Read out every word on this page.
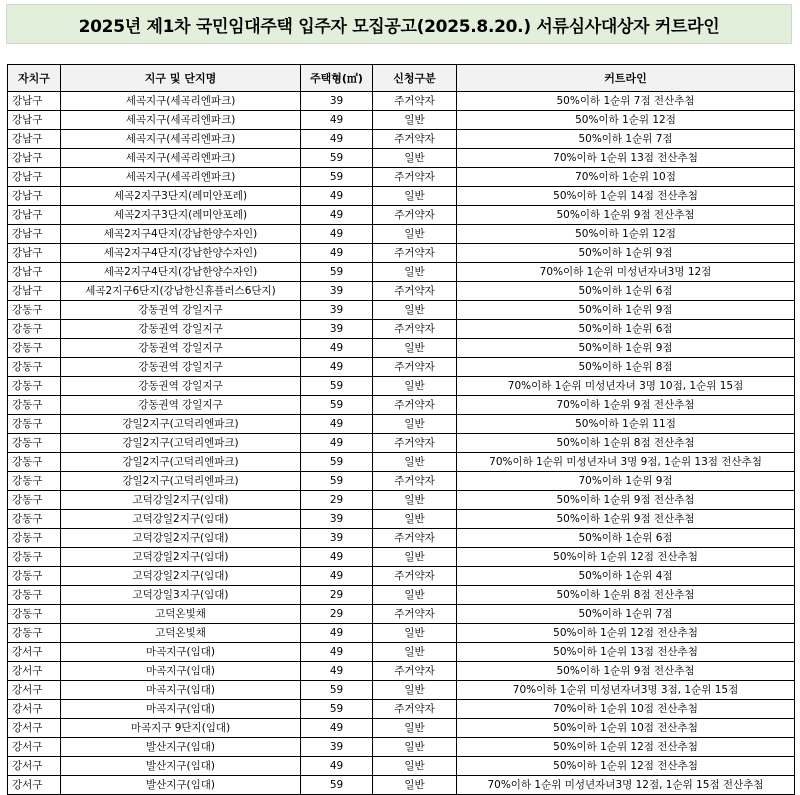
2025년 제1차 국민임대주택 입주자 모집공고(2025.8.20.) 서류심사대상자 커트라인
자치구	지구 및 단지명	주택형(㎡)	신청구분	커트라인
강남구	세곡지구(세곡리엔파크)	39	주거약자	50%이하 1순위 7점 전산추첨
강남구	세곡지구(세곡리엔파크)	49	일반	50%이하 1순위 12점
강남구	세곡지구(세곡리엔파크)	49	주거약자	50%이하 1순위 7점
강남구	세곡지구(세곡리엔파크)	59	일반	70%이하 1순위 13점 전산추첨
강남구	세곡지구(세곡리엔파크)	59	주거약자	70%이하 1순위 10점
강남구	세곡2지구3단지(레미안포레)	49	일반	50%이하 1순위 14점 전산추첨
강남구	세곡2지구3단지(레미안포레)	49	주거약자	50%이하 1순위 9점 전산추첨
강남구	세곡2지구4단지(강남한양수자인)	49	일반	50%이하 1순위 12점
강남구	세곡2지구4단지(강남한양수자인)	49	주거약자	50%이하 1순위 9점
강남구	세곡2지구4단지(강남한양수자인)	59	일반	70%이하 1순위 미성년자녀3명 12점
강남구	세곡2지구6단지(강남한신휴플러스6단지)	39	주거약자	50%이하 1순위 6점
강동구	강동권역 강일지구	39	일반	50%이하 1순위 9점
강동구	강동권역 강일지구	39	주거약자	50%이하 1순위 6점
강동구	강동권역 강일지구	49	일반	50%이하 1순위 9점
강동구	강동권역 강일지구	49	주거약자	50%이하 1순위 8점
강동구	강동권역 강일지구	59	일반	70%이하 1순위 미성년자녀 3명 10점, 1순위 15점
강동구	강동권역 강일지구	59	주거약자	70%이하 1순위 9점 전산추첨
강동구	강일2지구(고덕리엔파크)	49	일반	50%이하 1순위 11점
강동구	강일2지구(고덕리엔파크)	49	주거약자	50%이하 1순위 8점 전산추첨
강동구	강일2지구(고덕리엔파크)	59	일반	70%이하 1순위 미성년자녀 3명 9점, 1순위 13점 전산추첨
강동구	강일2지구(고덕리엔파크)	59	주거약자	70%이하 1순위 9점
강동구	고덕강일2지구(임대)	29	일반	50%이하 1순위 9점 전산추첨
강동구	고덕강일2지구(임대)	39	일반	50%이하 1순위 9점 전산추첨
강동구	고덕강일2지구(임대)	39	주거약자	50%이하 1순위 6점
강동구	고덕강일2지구(임대)	49	일반	50%이하 1순위 12점 전산추첨
강동구	고덕강일2지구(임대)	49	주거약자	50%이하 1순위 4점
강동구	고덕강일3지구(임대)	29	일반	50%이하 1순위 8점 전산추첨
강동구	고덕온빛채	29	주거약자	50%이하 1순위 7점
강동구	고덕온빛채	49	일반	50%이하 1순위 12점 전산추첨
강서구	마곡지구(임대)	49	일반	50%이하 1순위 13점 전산추첨
강서구	마곡지구(임대)	49	주거약자	50%이하 1순위 9점 전산추첨
강서구	마곡지구(임대)	59	일반	70%이하 1순위 미성년자녀3명 3점, 1순위 15점
강서구	마곡지구(임대)	59	주거약자	70%이하 1순위 10점 전산추첨
강서구	마곡지구 9단지(임대)	49	일반	50%이하 1순위 10점 전산추첨
강서구	발산지구(임대)	39	일반	50%이하 1순위 12점 전산추첨
강서구	발산지구(임대)	49	일반	50%이하 1순위 12점 전산추첨
강서구	발산지구(임대)	59	일반	70%이하 1순위 미성년자녀3명 12점, 1순위 15점 전산추첨
